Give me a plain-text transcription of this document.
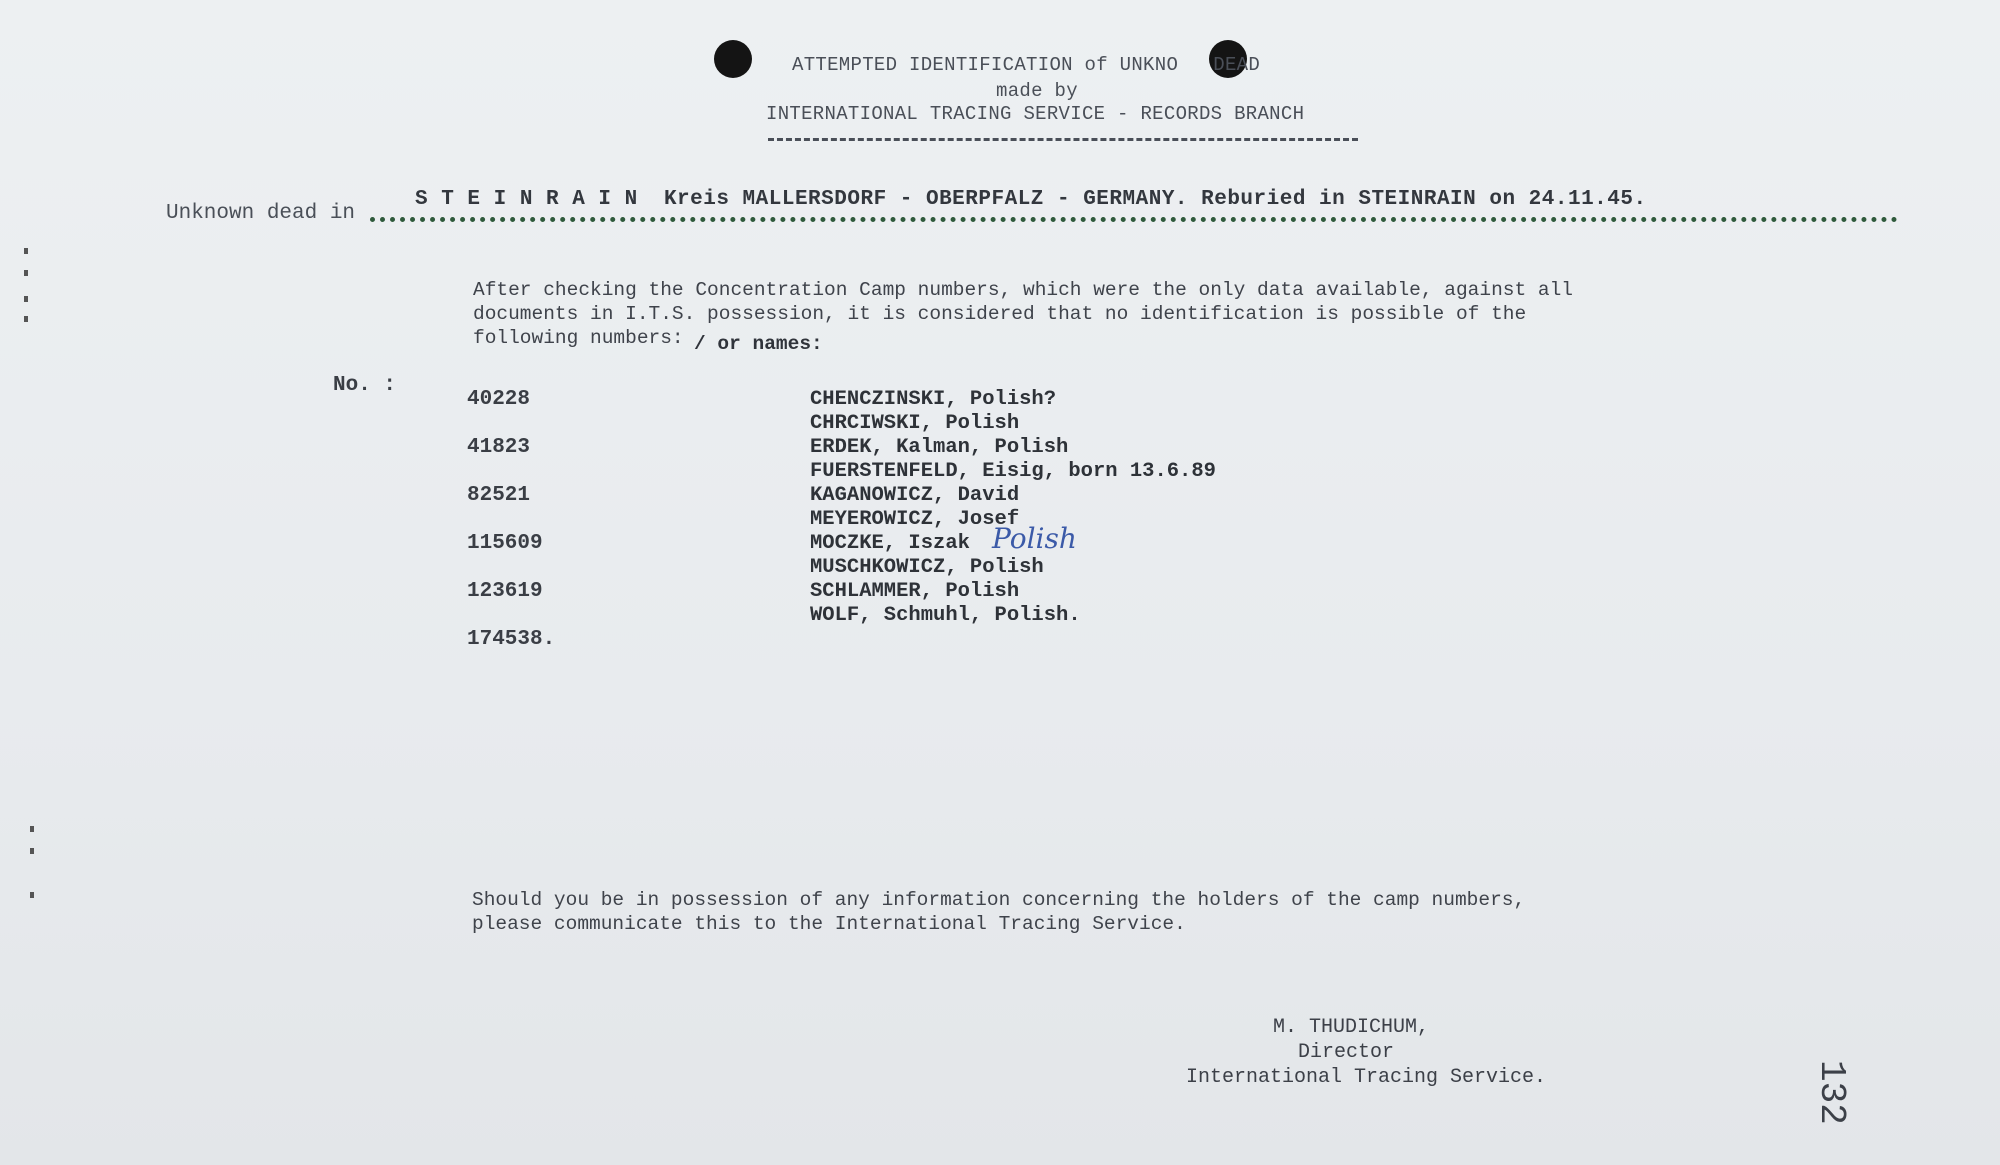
ATTEMPTED IDENTIFICATION of UNKNO   DEAD
made by
INTERNATIONAL TRACING SERVICE - RECORDS BRANCH
Unknown dead in
S T E I N R A I N  Kreis MALLERSDORF - OBERPFALZ - GERMANY. Reburied in STEINRAIN on 24.11.45.
After checking the Concentration Camp numbers, which were the only data available, against all
documents in I.T.S. possession, it is considered that no identification is possible of the
following numbers: / or names:
No. :
40228
41823
82521
115609
123619
174538.
CHENCZINSKI, Polish?
CHRCIWSKI, Polish
ERDEK, Kalman, Polish
FUERSTENFELD, Eisig, born 13.6.89
KAGANOWICZ, David
MEYEROWICZ, Josef
MOCZKE, Iszak
MUSCHKOWICZ, Polish
SCHLAMMER, Polish
WOLF, Schmuhl, Polish.
Polish
Should you be in possession of any information concerning the holders of the camp numbers,
please communicate this to the International Tracing Service.
M. THUDICHUM,
Director
International Tracing Service.	132
